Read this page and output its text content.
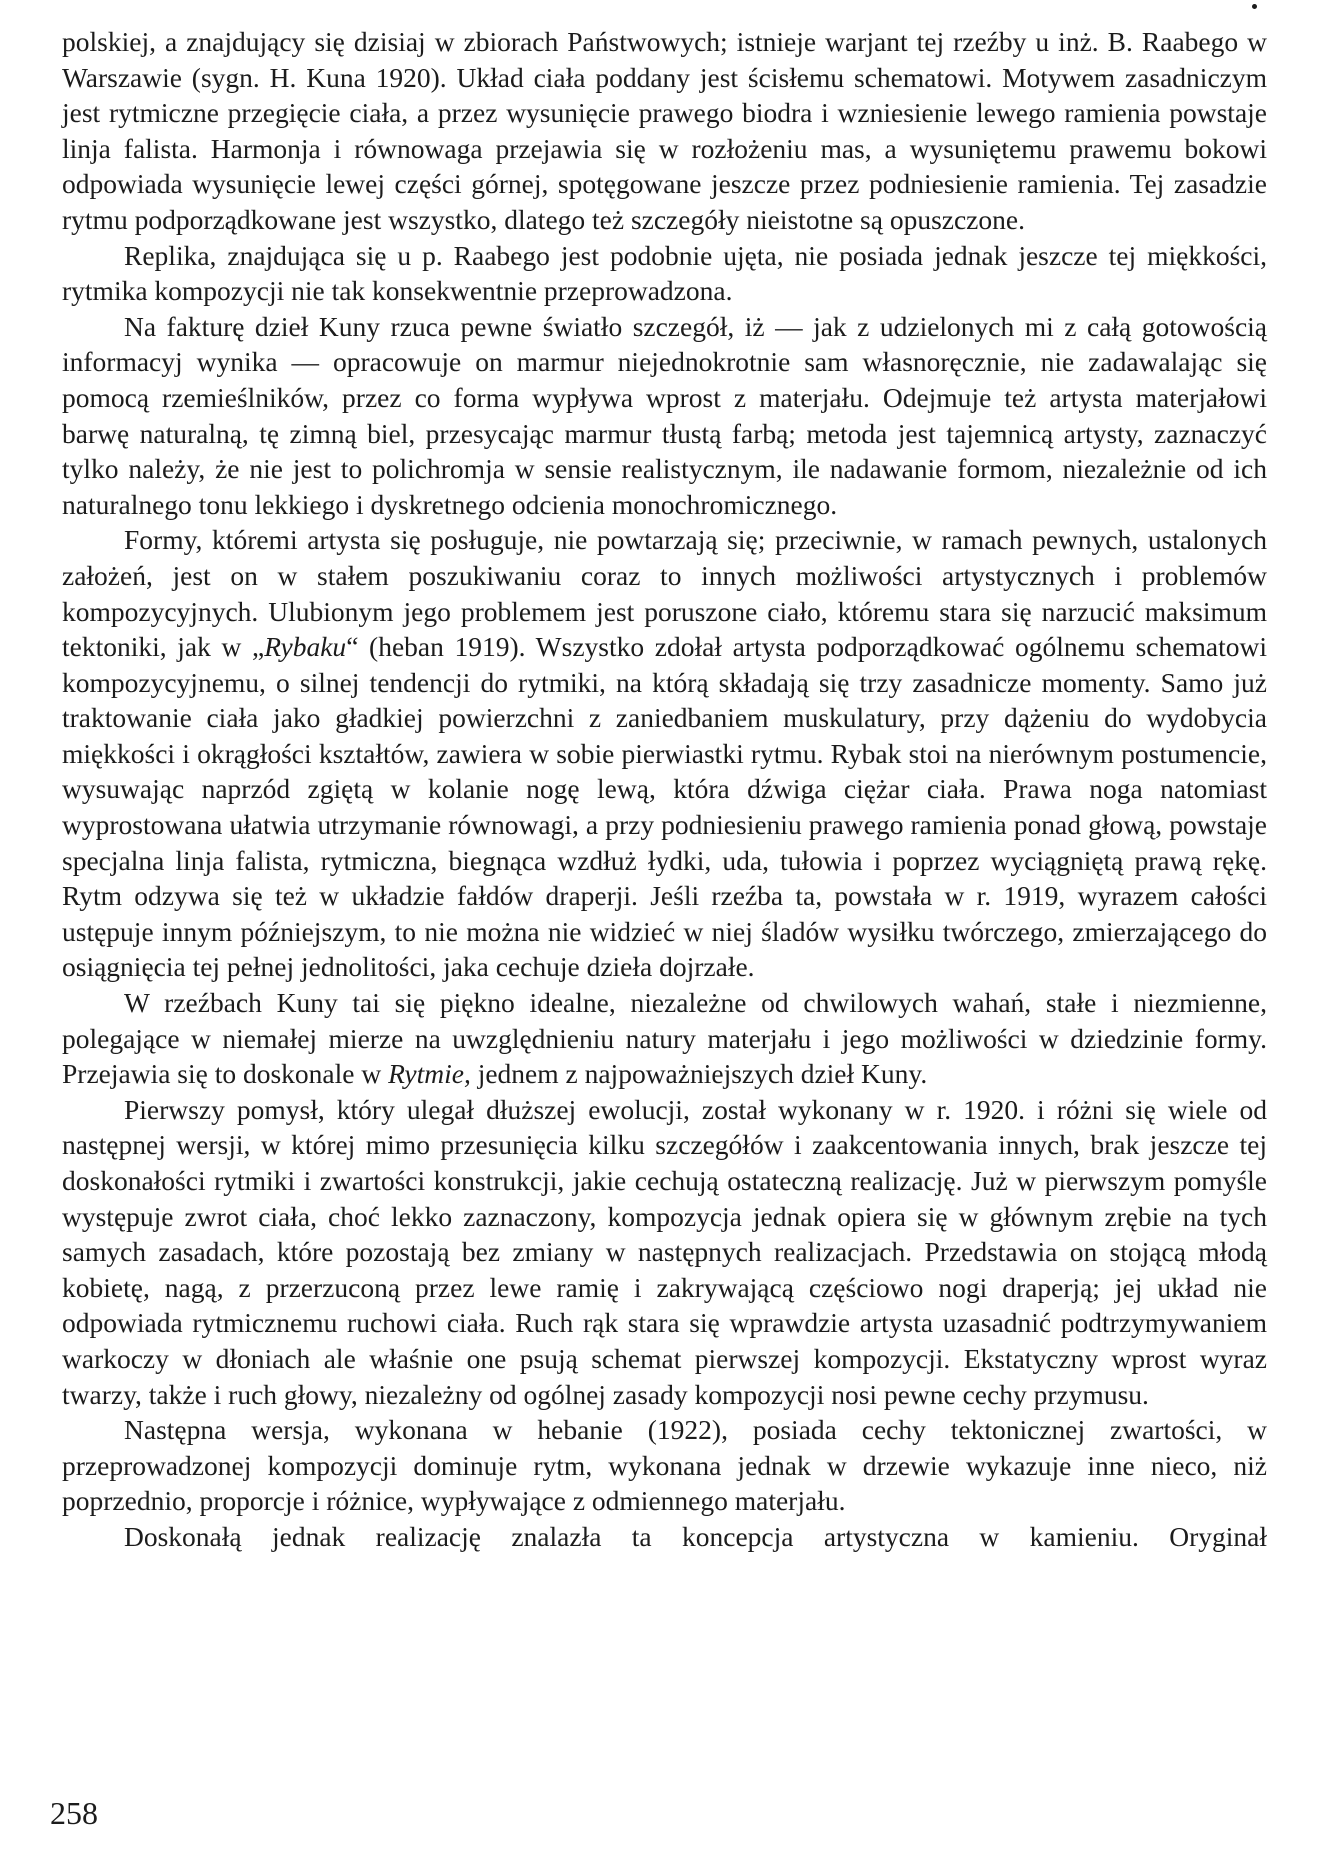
polskiej, a znajdujący się dzisiaj w zbiorach Państwowych; istnieje warjant tej rzeźby u inż. B. Raabego w Warszawie (sygn. H. Kuna 1920). Układ ciała poddany jest ścisłemu schematowi. Motywem zasadniczym jest rytmiczne przegięcie ciała, a przez wysunięcie prawego biodra i wzniesienie lewego ramienia powstaje linja falista. Harmonja i równowaga przejawia się w rozłożeniu mas, a wysuniętemu prawemu bokowi odpowiada wysunięcie lewej części górnej, spotęgowane jeszcze przez podniesienie ramienia. Tej zasadzie rytmu podporządkowane jest wszystko, dlatego też szczegóły nieistotne są opuszczone.

Replika, znajdująca się u p. Raabego jest podobnie ujęta, nie posiada jednak jeszcze tej miękkości, rytmika kompozycji nie tak konsekwentnie przeprowadzona.

Na fakturę dzieł Kuny rzuca pewne światło szczegół, iż — jak z udzielonych mi z całą gotowością informacyj wynika — opracowuje on marmur niejednokrotnie sam własnoręcznie, nie zadawalając się pomocą rzemieślników, przez co forma wypływa wprost z materjału. Odejmuje też artysta materjałowi barwę naturalną, tę zimną biel, przesycając marmur tłustą farbą; metoda jest tajemnicą artysty, zaznaczyć tylko należy, że nie jest to polichromja w sensie realistycznym, ile nadawanie formom, niezależnie od ich naturalnego tonu lekkiego i dyskretnego odcienia monochromicznego.

Formy, któremi artysta się posługuje, nie powtarzają się; przeciwnie, w ramach pewnych, ustalonych założeń, jest on w stałem poszukiwaniu coraz to innych możliwości artystycznych i problemów kompozycyjnych. Ulubionym jego problemem jest poruszone ciało, któremu stara się narzucić maksimum tektoniki, jak w „Rybaku“ (heban 1919). Wszystko zdołał artysta podporządkować ogólnemu schematowi kompozycyjnemu, o silnej tendencji do rytmiki, na którą składają się trzy zasadnicze momenty. Samo już traktowanie ciała jako gładkiej powierzchni z zaniedbaniem muskulatury, przy dążeniu do wydobycia miękkości i okrągłości kształtów, zawiera w sobie pierwiastki rytmu. Rybak stoi na nierównym postumencie, wysuwając naprzód zgiętą w kolanie nogę lewą, która dźwiga ciężar ciała. Prawa noga natomiast wyprostowana ułatwia utrzymanie równowagi, a przy podniesieniu prawego ramienia ponad głową, powstaje specjalna linja falista, rytmiczna, biegnąca wzdłuż łydki, uda, tułowia i poprzez wyciągniętą prawą rękę. Rytm odzywa się też w układzie fałdów draperji. Jeśli rzeźba ta, powstała w r. 1919, wyrazem całości ustępuje innym późniejszym, to nie można nie widzieć w niej śladów wysiłku twórczego, zmierzającego do osiągnięcia tej pełnej jednolitości, jaka cechuje dzieła dojrzałe.

W rzeźbach Kuny tai się piękno idealne, niezależne od chwilowych wahań, stałe i niezmienne, polegające w niemałej mierze na uwzględnieniu natury materjału i jego możliwości w dziedzinie formy. Przejawia się to doskonale w Rytmie, jednem z najpoważniejszych dzieł Kuny.

Pierwszy pomysł, który ulegał dłuższej ewolucji, został wykonany w r. 1920. i różni się wiele od następnej wersji, w której mimo przesunięcia kilku szczegółów i zaakcentowania innych, brak jeszcze tej doskonałości rytmiki i zwartości konstrukcji, jakie cechują ostateczną realizację. Już w pierwszym pomyśle występuje zwrot ciała, choć lekko zaznaczony, kompozycja jednak opiera się w głównym zrębie na tych samych zasadach, które pozostają bez zmiany w następnych realizacjach. Przedstawia on stojącą młodą kobietę, nagą, z przerzuconą przez lewe ramię i zakrywającą częściowo nogi draperją; jej układ nie odpowiada rytmicznemu ruchowi ciała. Ruch rąk stara się wprawdzie artysta uzasadnić podtrzymywaniem warkoczy w dłoniach ale właśnie one psują schemat pierwszej kompozycji. Ekstatyczny wprost wyraz twarzy, także i ruch głowy, niezależny od ogólnej zasady kompozycji nosi pewne cechy przymusu.

Następna wersja, wykonana w hebanie (1922), posiada cechy tektonicznej zwartości, w przeprowadzonej kompozycji dominuje rytm, wykonana jednak w drzewie wykazuje inne nieco, niż poprzednio, proporcje i różnice, wypływające z odmiennego materjału.

Doskonałą jednak realizację znalazła ta koncepcja artystyczna w kamieniu. Oryginał

258
